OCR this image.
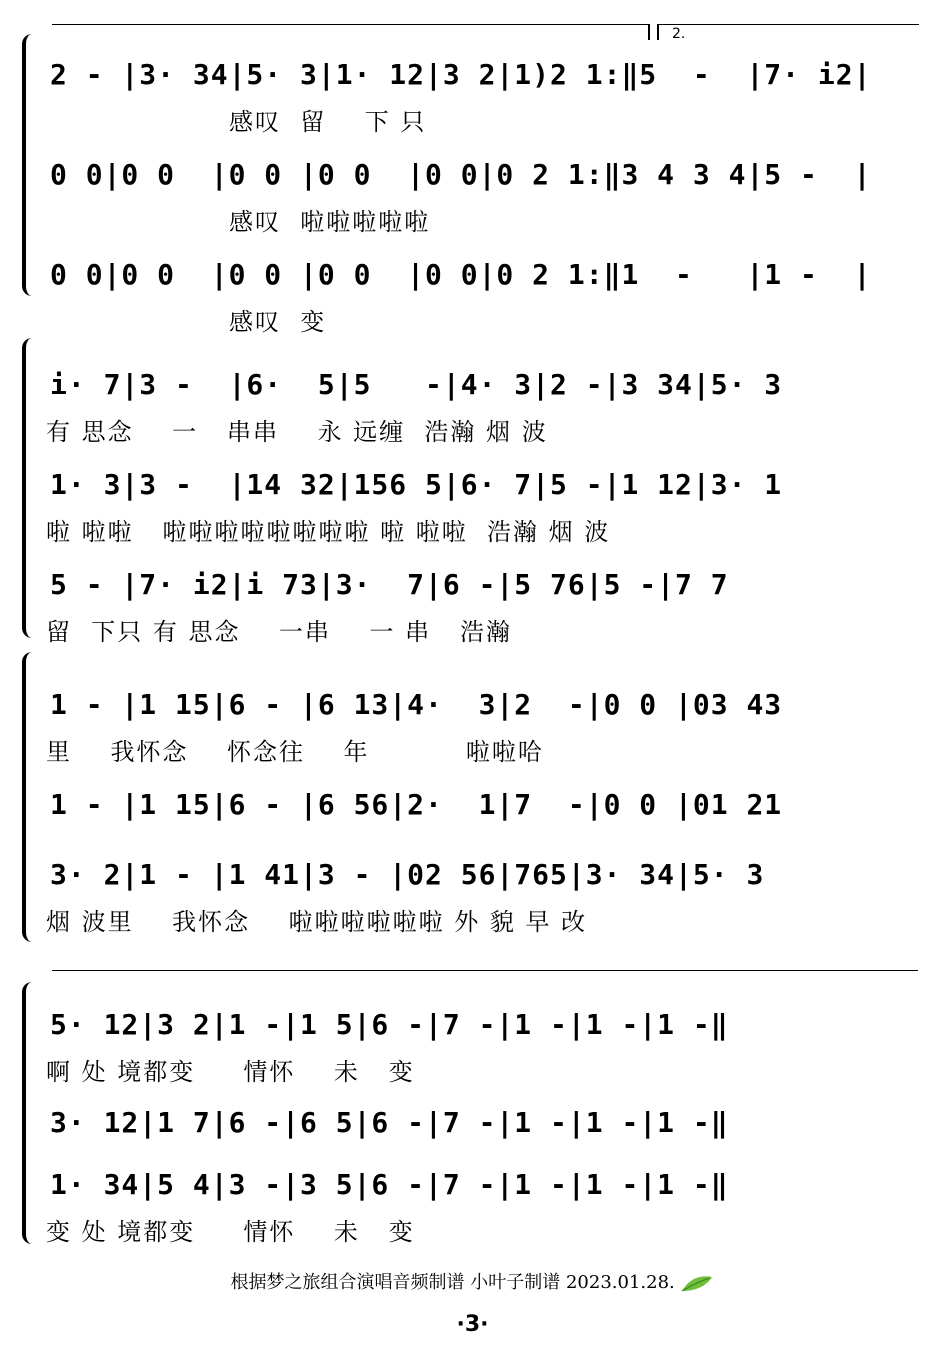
2.
2 - |3· 34|5· 3|1· 12|3 2|1)2 1:‖5  -  |7· i2|
感叹  留    下 只
0 0|0 0  |0 0 |0 0  |0 0|0 2 1:‖3 4 3 4|5 -  |
感叹  啦啦啦啦啦
0 0|0 0  |0 0 |0 0  |0 0|0 2 1:‖1  -   |1 -  |
感叹  变
i· 7|3 -  |6·  5|5   -|4· 3|2 -|3 34|5· 3
有 思念    一   串串    永 远缠  浩瀚 烟 波
1· 3|3 -  |14 32|156 5|6· 7|5 -|1 12|3· 1
啦 啦啦   啦啦啦啦啦啦啦啦 啦 啦啦  浩瀚 烟 波
5 - |7· i2|i 73|3·  7|6 -|5 76|5 -|7 7
留  下只 有 思念    一串    一 串   浩瀚
1 - |1 15|6 - |6 13|4·  3|2  -|0 0 |03 43
里    我怀念    怀念往    年          啦啦哈
1 - |1 15|6 - |6 56|2·  1|7  -|0 0 |01 21
3· 2|1 - |1 41|3 - |02 56|765|3· 34|5· 3
烟 波里    我怀念    啦啦啦啦啦啦 外 貌 早 改
5· 12|3 2|1 -|1 5|6 -|7 -|1 -|1 -|1 -‖
啊 处 境都变     情怀    未   变
3· 12|1 7|6 -|6 5|6 -|7 -|1 -|1 -|1 -‖
1· 34|5 4|3 -|3 5|6 -|7 -|1 -|1 -|1 -‖
变 处 境都变     情怀    未   变
根据梦之旅组合演唱音频制谱 小叶子制谱 2023.01.28.
·3·
